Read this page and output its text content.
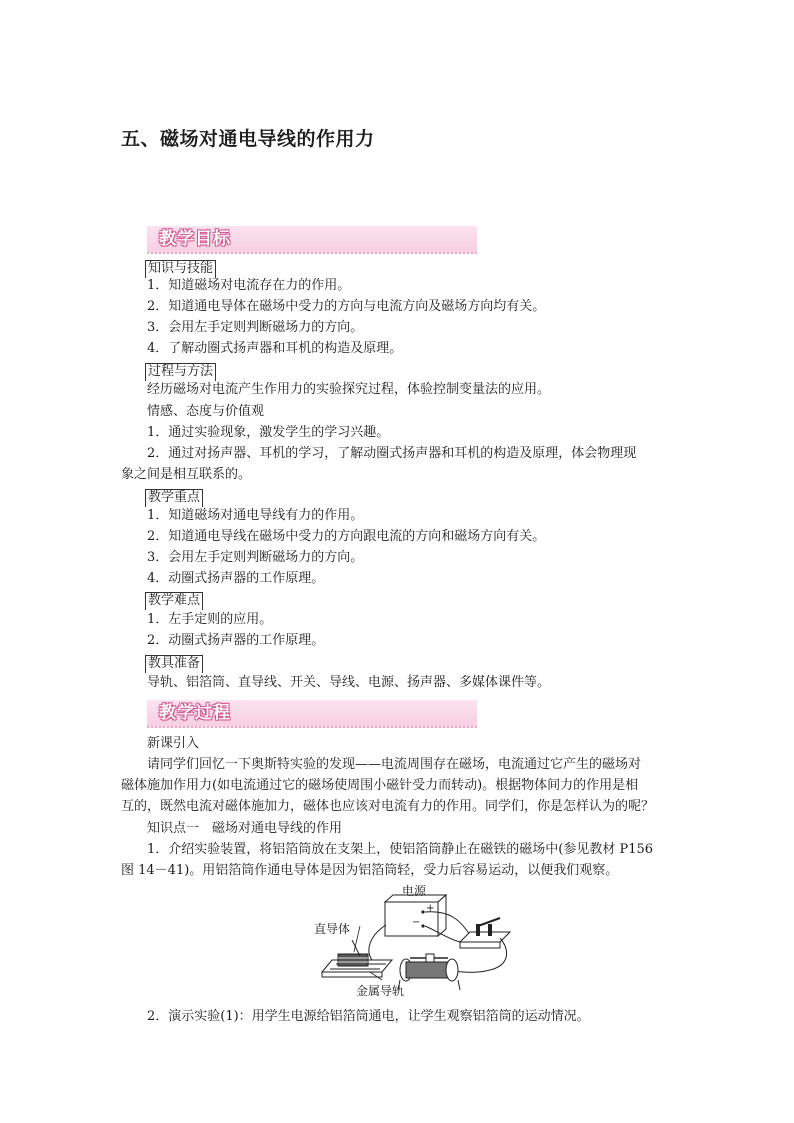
五、磁场对通电导线的作用力
教学目标
知识与技能
1．知道磁场对电流存在力的作用。
2．知道通电导体在磁场中受力的方向与电流方向及磁场方向均有关。
3．会用左手定则判断磁场力的方向。
4．了解动圈式扬声器和耳机的构造及原理。
过程与方法
经历磁场对电流产生作用力的实验探究过程，体验控制变量法的应用。
情感、态度与价值观
1．通过实验现象，激发学生的学习兴趣。
2．通过对扬声器、耳机的学习，了解动圈式扬声器和耳机的构造及原理，体会物理现
象之间是相互联系的。
教学重点
1．知道磁场对通电导线有力的作用。
2．知道通电导线在磁场中受力的方向跟电流的方向和磁场方向有关。
3．会用左手定则判断磁场力的方向。
4．动圈式扬声器的工作原理。
教学难点
1．左手定则的应用。
2．动圈式扬声器的工作原理。
教具准备
导轨、铝箔筒、直导线、开关、导线、电源、扬声器、多媒体课件等。
教学过程
新课引入
请同学们回忆一下奥斯特实验的发现——电流周围存在磁场，电流通过它产生的磁场对
磁体施加作用力(如电流通过它的磁场使周围小磁针受力而转动)。根据物体间力的作用是相
互的，既然电流对磁体施加力，磁体也应该对电流有力的作用。同学们，你是怎样认为的呢？
知识点一　磁场对通电导线的作用
1．介绍实验装置，将铝箔筒放在支架上，使铝箔筒静止在磁铁的磁场中(参见教材 P156
图 14－41)。用铝箔筒作通电导体是因为铝箔筒轻，受力后容易运动，以便我们观察。
电源
+
−
直导体
金属导轨
2．演示实验(1)：用学生电源给铝箔筒通电，让学生观察铝箔筒的运动情况。
